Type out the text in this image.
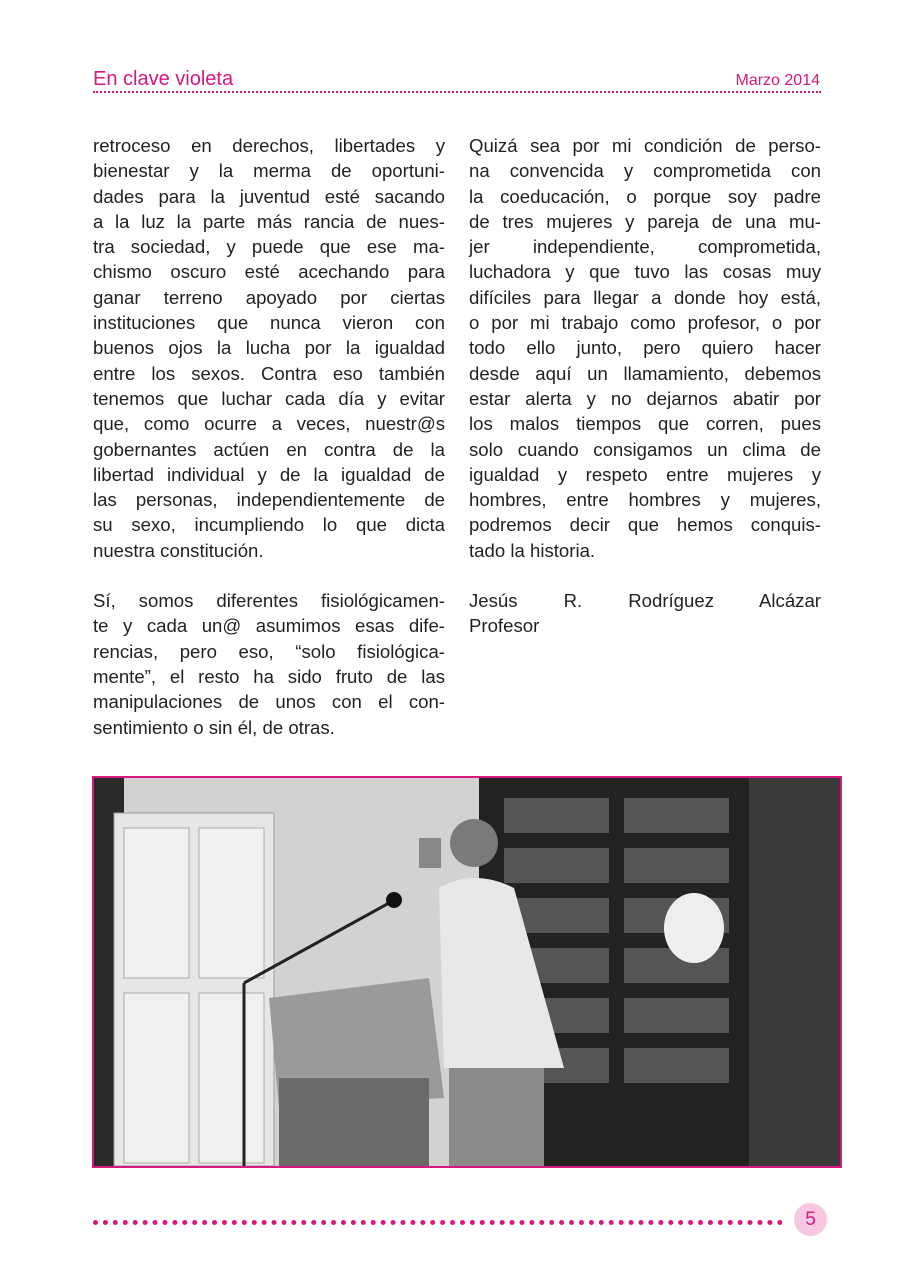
En clave violeta	Marzo 2014
retroceso en derechos, libertades y
bienestar y la merma de oportuni-
dades para la juventud esté sacando
a la luz la parte más rancia de nues-
tra sociedad, y puede que ese ma-
chismo oscuro esté acechando para
ganar terreno apoyado por ciertas
instituciones que nunca vieron con
buenos ojos la lucha por la igualdad
entre los sexos. Contra eso también
tenemos que luchar cada día y evitar
que, como ocurre a veces, nuestr@s
gobernantes actúen en contra de la
libertad individual y de la igualdad de
las personas, independientemente de
su sexo, incumpliendo lo que dicta
nuestra constitución.
Sí, somos diferentes fisiológicamen-
te y cada un@ asumimos esas dife-
rencias, pero eso, “solo fisiológica-
mente”, el resto ha sido fruto de las
manipulaciones de unos con el con-
sentimiento o sin él, de otras.
Quizá sea por mi condición de perso-
na convencida y comprometida con
la coeducación, o porque soy padre
de tres mujeres y pareja de una mu-
jer independiente, comprometida,
luchadora y que tuvo las cosas muy
difíciles para llegar a donde hoy está,
o por mi trabajo como profesor, o por
todo ello junto, pero quiero hacer
desde aquí un llamamiento, debemos
estar alerta y no dejarnos abatir por
los malos tiempos que corren, pues
solo cuando consigamos un clima de
igualdad y respeto entre mujeres y
hombres, entre hombres y mujeres,
podremos decir que hemos conquis-
tado la historia.
Jesús R. Rodríguez Alcázar
Profesor
5
